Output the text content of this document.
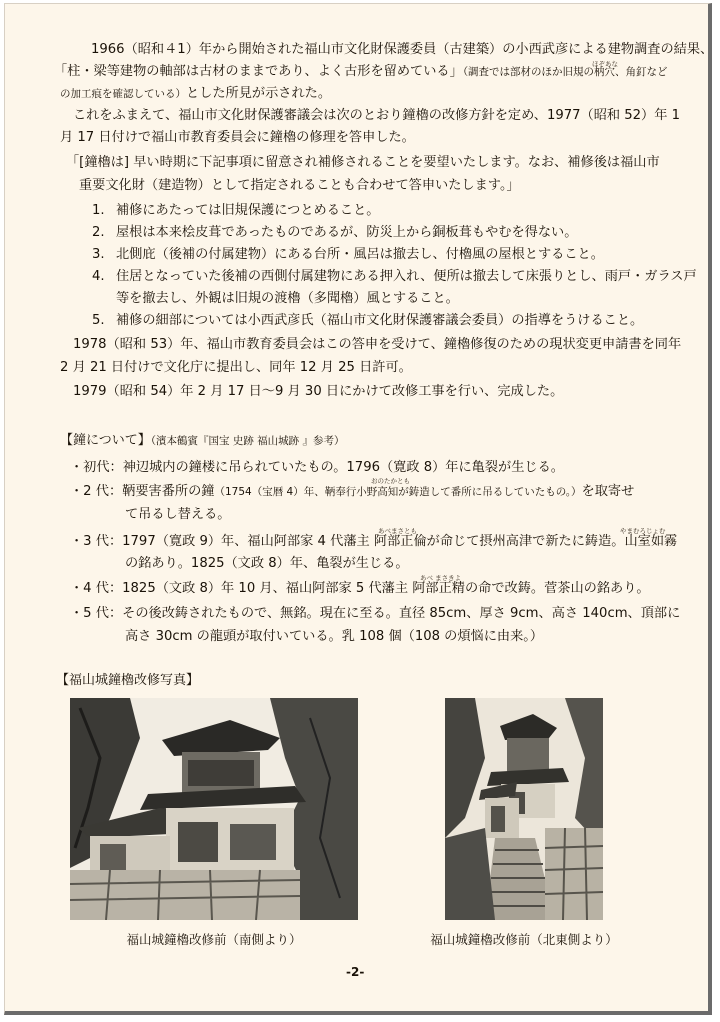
1966（昭和４1）年から開始された福山市文化財保護委員（古建築）の小西武彦による建物調査の結果、
ほぞあな
「柱・梁等建物の軸部は古材のままであり、よく古形を留めている」（調査では部材のほか旧規の枘穴、角釘など
の加工痕を確認している）とした所見が示された。
これをふまえて、福山市文化財保護審議会は次のとおり鐘櫓の改修方針を定め、1977（昭和 52）年 1
月 17 日付けで福山市教育委員会に鐘櫓の修理を答申した。
「[鐘櫓は] 早い時期に下記事項に留意され補修されることを要望いたします。なお、補修後は福山市
重要文化財（建造物）として指定されることも合わせて答申いたします。」
1. 補修にあたっては旧規保護につとめること。
2. 屋根は本来桧皮葺であったものであるが、防災上から銅板葺もやむを得ない。
3. 北側庇（後補の付属建物）にある台所・風呂は撤去し、付櫓風の屋根とすること。
4. 住居となっていた後補の西側付属建物にある押入れ、便所は撤去して床張りとし、雨戸・ガラス戸
等を撤去し、外観は旧規の渡櫓（多聞櫓）風とすること。
5. 補修の細部については小西武彦氏（福山市文化財保護審議会委員）の指導をうけること。
1978（昭和 53）年、福山市教育委員会はこの答申を受けて、鐘櫓修復のための現状変更申請書を同年
2 月 21 日付けで文化庁に提出し、同年 12 月 25 日許可。
1979（昭和 54）年 2 月 17 日～9 月 30 日にかけて改修工事を行い、完成した。
【鐘について】（濱本鶴賓『国宝 史跡 福山城跡 』参考）
・初代：神辺城内の鐘楼に吊られていたもの。1796（寛政 8）年に亀裂が生じる。
おのたかとも
・2 代：鞆要害番所の鐘（1754（宝暦 4）年、鞆奉行小野高知が鋳造して番所に吊るしていたもの。）を取寄せ
て吊るし替える。
あべまさとも	やまむろじょむ
・3 代：1797（寛政 9）年、福山阿部家 4 代藩主 阿部正倫が命じて摂州高津で新たに鋳造。山室如霧
の銘あり。1825（文政 8）年、亀裂が生じる。
あべ まさきよ
・4 代：1825（文政 8）年 10 月、福山阿部家 5 代藩主 阿部正精の命で改鋳。菅茶山の銘あり。
・5 代：その後改鋳されたもので、無銘。現在に至る。直径 85cm、厚さ 9cm、高さ 140cm、頂部に
高さ 30cm の龍頭が取付いている。乳 108 個（108 の煩悩に由来。）
【福山城鐘櫓改修写真】
福山城鐘櫓改修前（南側より）	福山城鐘櫓改修前（北東側より）
-2-
